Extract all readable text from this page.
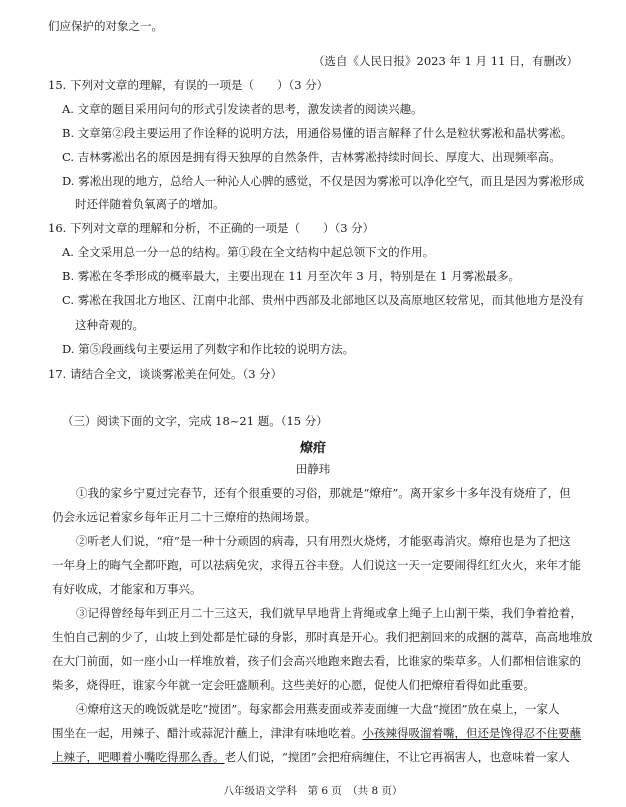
们应保护的对象之一。
（选自《人民日报》2023 年 1 月 11 日，有删改）
15. 下列对文章的理解，有误的一项是（　　）（3 分）
A. 文章的题目采用问句的形式引发读者的思考，激发读者的阅读兴趣。
B. 文章第②段主要运用了作诠释的说明方法，用通俗易懂的语言解释了什么是粒状雾凇和晶状雾凇。
C. 吉林雾凇出名的原因是拥有得天独厚的自然条件，吉林雾凇持续时间长、厚度大、出现频率高。
D. 雾凇出现的地方，总给人一种沁人心脾的感觉，不仅是因为雾凇可以净化空气，而且是因为雾凇形成
时还伴随着负氧离子的增加。
16. 下列对文章的理解和分析，不正确的一项是（　　）（3 分）
A. 全文采用总一分一总的结构。第①段在全文结构中起总领下文的作用。
B. 雾凇在冬季形成的概率最大，主要出现在 11 月至次年 3 月，特别是在 1 月雾凇最多。
C. 雾凇在我国北方地区、江南中北部、贵州中西部及北部地区以及高原地区较常见，而其他地方是没有
这种奇观的。
D. 第⑤段画线句主要运用了列数字和作比较的说明方法。
17. 请结合全文，谈谈雾凇美在何处。（3 分）
（三）阅读下面的文字，完成 18~21 题。（15 分）
燎疳
田静玮
①我的家乡宁夏过完春节，还有个很重要的习俗，那就是“燎疳”。离开家乡十多年没有烧疳了，但
仍会永远记着家乡每年正月二十三燎疳的热闹场景。
②听老人们说，“疳”是一种十分顽固的病毒，只有用烈火烧烤，才能驱毒消灾。燎疳也是为了把这
一年身上的晦气全都吓跑，可以祛病免灾，求得五谷丰登。人们说这一天一定要闹得红红火火，来年才能
有好收成，才能家和万事兴。
③记得曾经每年到正月二十三这天，我们就早早地背上背绳或拿上绳子上山割干柴，我们争着抢着，
生怕自己割的少了，山坡上到处都是忙碌的身影，那时真是开心。我们把割回来的成捆的蒿草，高高地堆放
在大门前面，如一座小山一样堆放着，孩子们会高兴地跑来跑去看，比谁家的柴草多。人们都相信谁家的
柴多，烧得旺，谁家今年就一定会旺盛顺利。这些美好的心愿，促使人们把燎疳看得如此重要。
④燎疳这天的晚饭就是吃“搅团”。每家都会用燕麦面或荞麦面缠一大盘“搅团”放在桌上，一家人
围坐在一起，用辣子、醋汁或蒜泥汁蘸上，津津有味地吃着。小孩辣得吸溜着嘴，但还是馋得忍不住要蘸
上辣子，吧唧着小嘴吃得那么香。老人们说，“搅团”会把疳病缠住，不让它再祸害人，也意味着一家人
八年级语文学科　第 6 页　（共 8 页）
